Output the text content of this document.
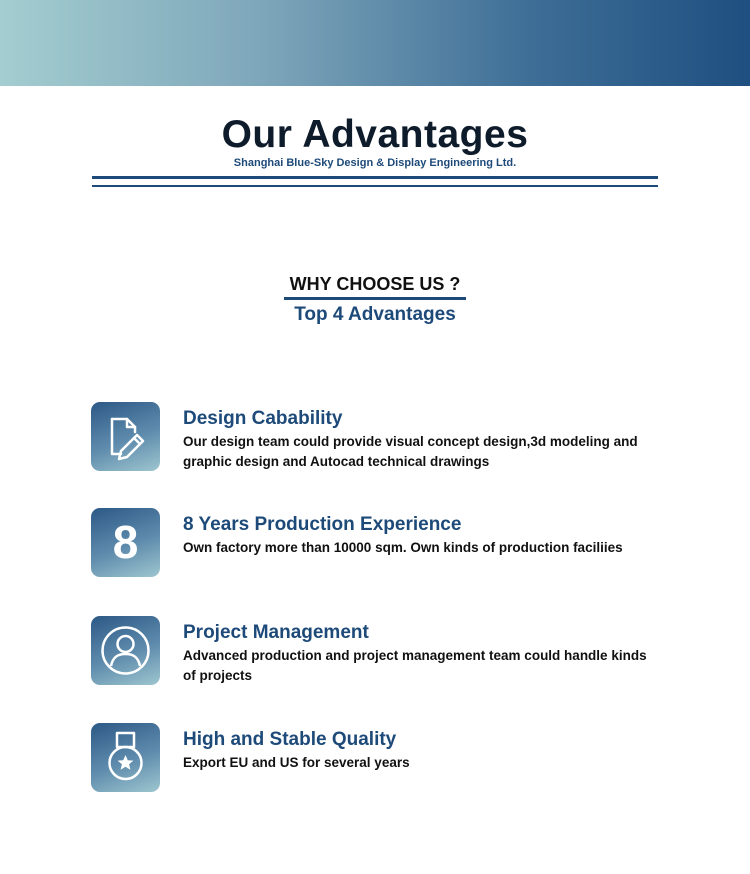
Our Advantages
Shanghai Blue-Sky Design & Display Engineering Ltd.
WHY CHOOSE US ?
Top 4 Advantages
Design Cabability
Our design team could provide visual concept design,3d modeling and graphic design and Autocad technical drawings
8	8 Years Production Experience
Own factory more than 10000 sqm. Own kinds of production faciliies
Project Management
Advanced production and project management team could handle kinds of projects
High and Stable Quality
Export EU and US for several years
